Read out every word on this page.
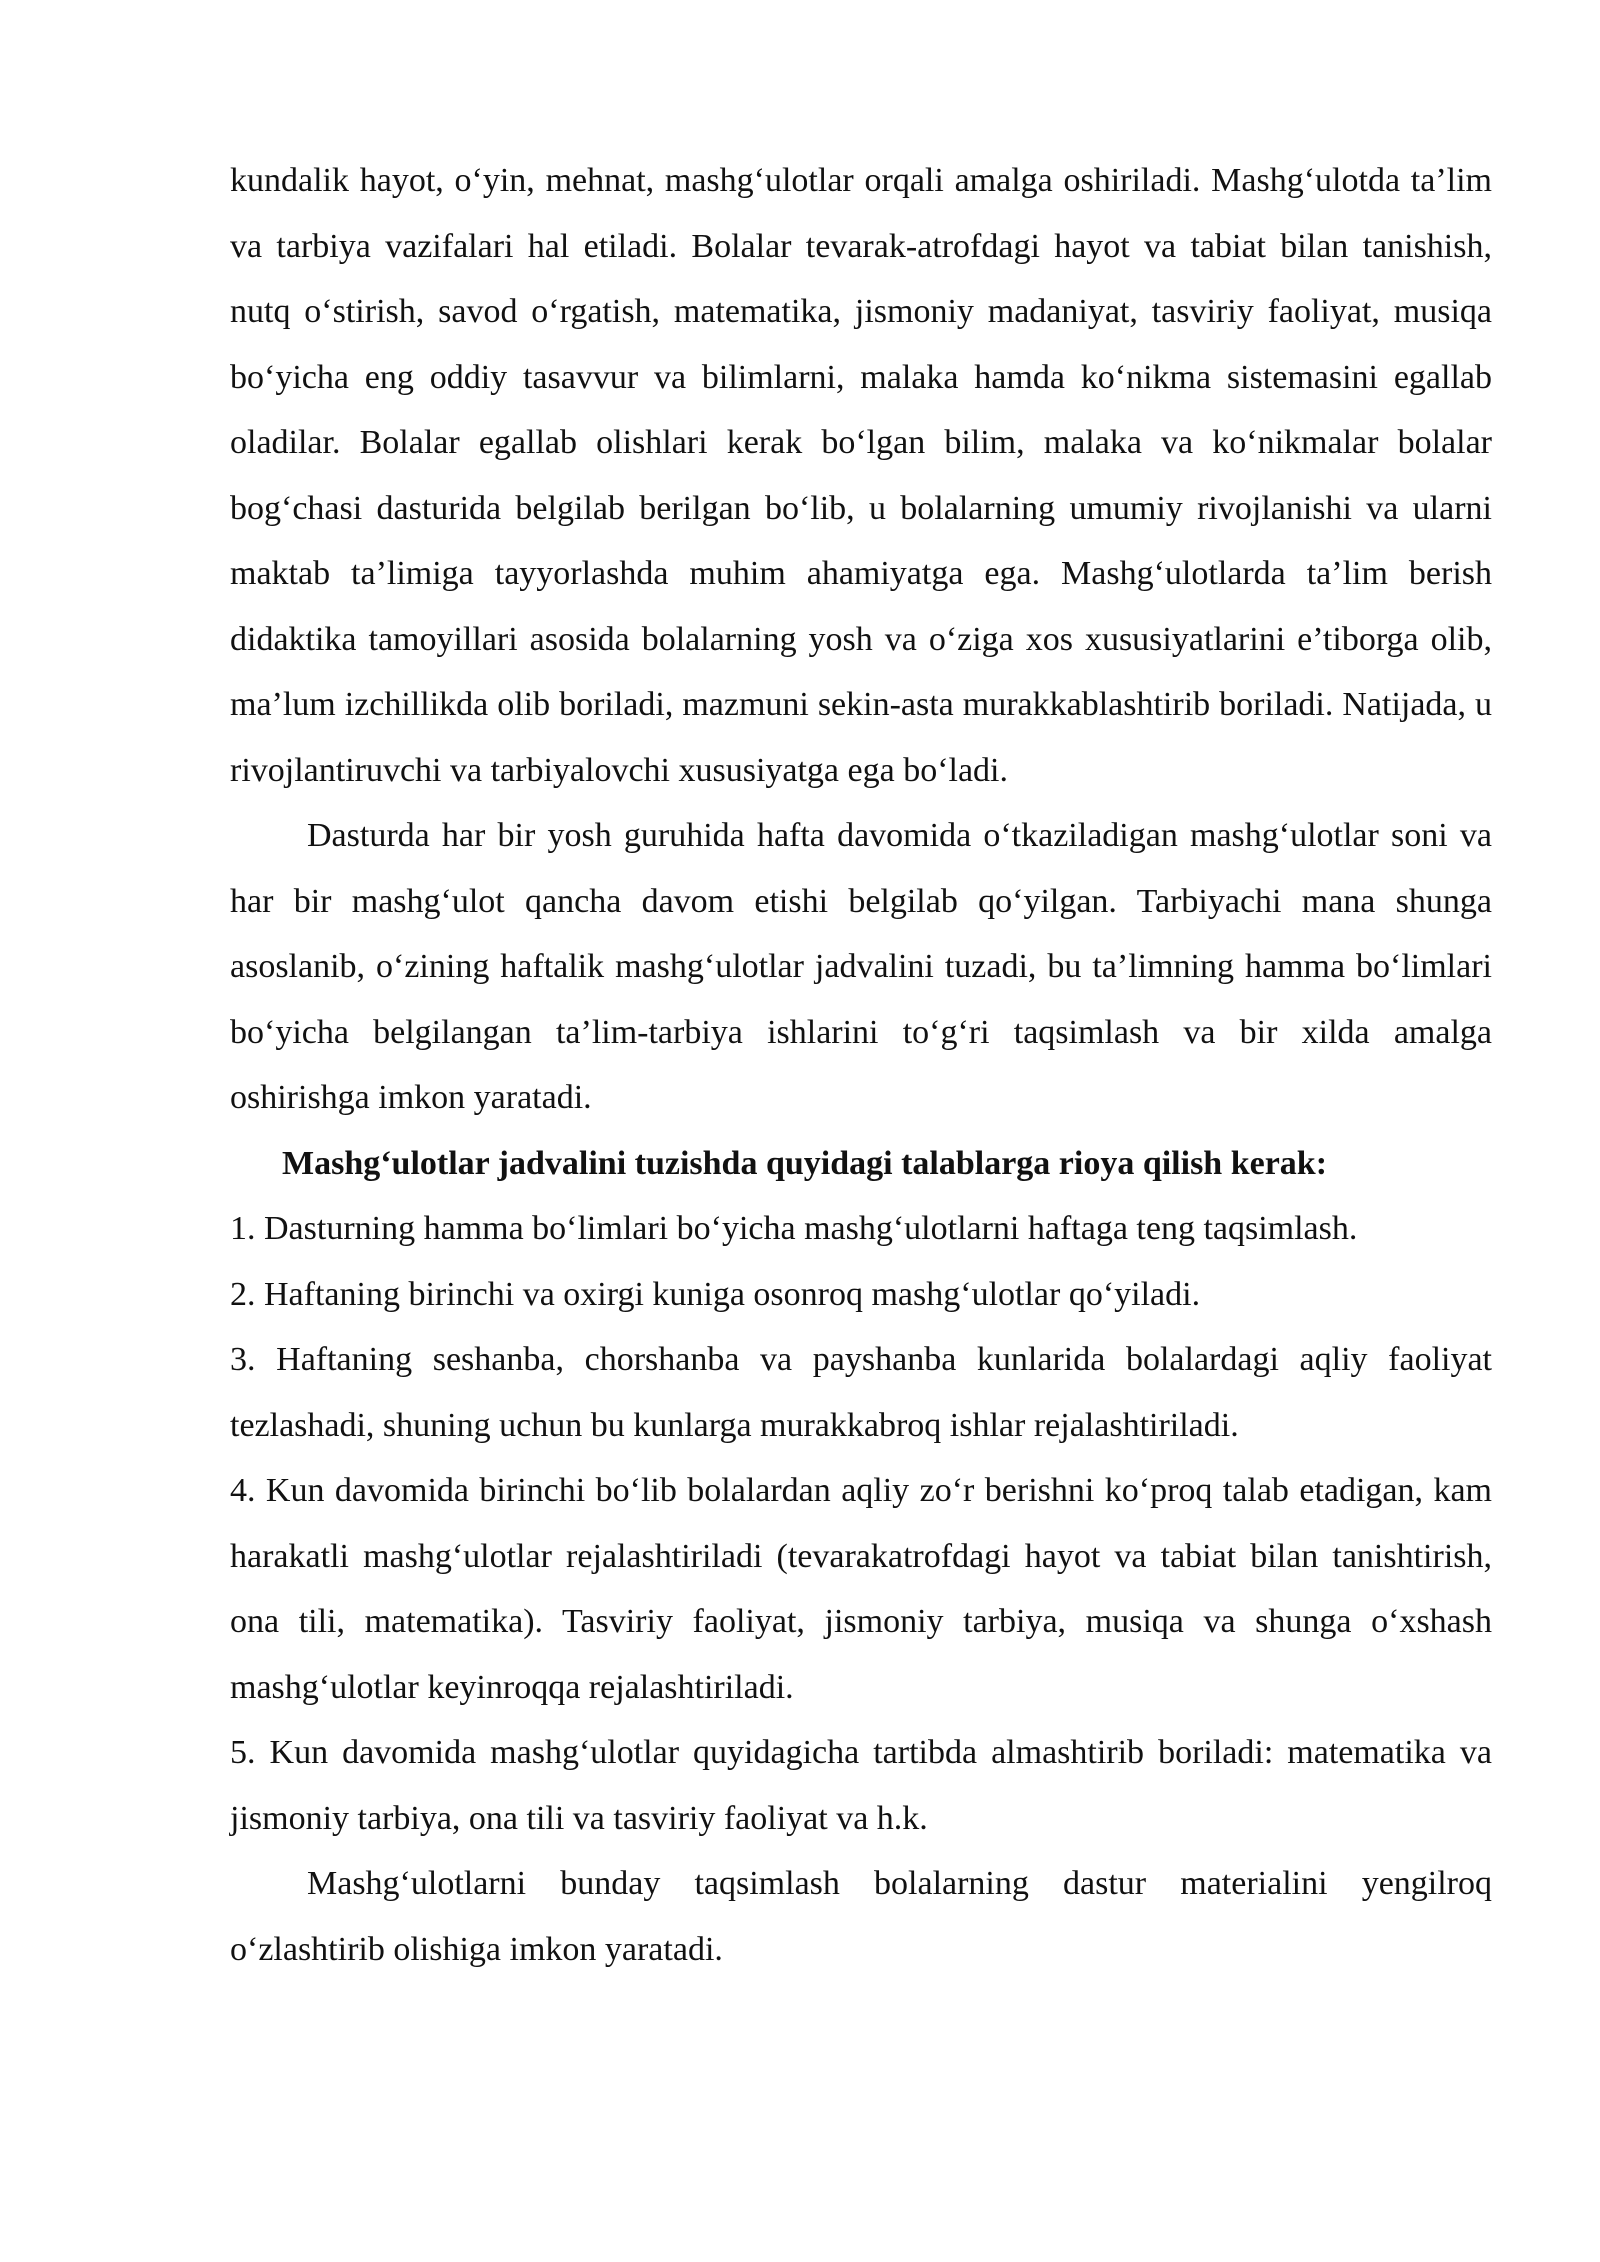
kundalik hayot, o‘yin, mehnat, mashg‘ulotlar orqali amalga oshiriladi. Mashg‘ulotda ta’lim va tarbiya vazifalari hal etiladi. Bolalar tevarak-atrofdagi hayot va tabiat bilan tanishish, nutq o‘stirish, savod o‘rgatish, matematika, jismoniy madaniyat, tasviriy faoliyat, musiqa bo‘yicha eng oddiy tasavvur va bilimlarni, malaka hamda ko‘nikma sistemasini egallab oladilar. Bolalar egallab olishlari kerak bo‘lgan bilim, malaka va ko‘nikmalar bolalar bog‘chasi dasturida belgilab berilgan bo‘lib, u bolalarning umumiy rivojlanishi va ularni maktab ta’limiga tayyorlashda muhim ahamiyatga ega. Mashg‘ulotlarda ta’lim berish didaktika tamoyillari asosida bolalarning yosh va o‘ziga xos xususiyatlarini e’tiborga olib, ma’lum izchillikda olib boriladi, mazmuni sekin-asta murakkablashtirib boriladi. Natijada, u rivojlantiruvchi va tarbiyalovchi xususiyatga ega bo‘ladi.

Dasturda har bir yosh guruhida hafta davomida o‘tkaziladigan mashg‘ulotlar soni va har bir mashg‘ulot qancha davom etishi belgilab qo‘yilgan. Tarbiyachi mana shunga asoslanib, o‘zining haftalik mashg‘ulotlar jadvalini tuzadi, bu ta’limning hamma bo‘limlari bo‘yicha belgilangan ta’lim-tarbiya ishlarini to‘g‘ri taqsimlash va bir xilda amalga oshirishga imkon yaratadi.

Mashg‘ulotlar jadvalini tuzishda quyidagi talablarga rioya qilish kerak:

1. Dasturning hamma bo‘limlari bo‘yicha mashg‘ulotlarni haftaga teng taqsimlash.

2. Haftaning birinchi va oxirgi kuniga osonroq mashg‘ulotlar qo‘yiladi.

3. Haftaning seshanba, chorshanba va payshanba kunlarida bolalardagi aqliy faoliyat tezlashadi, shuning uchun bu kunlarga murakkabroq ishlar rejalashtiriladi.

4. Kun davomida birinchi bo‘lib bolalardan aqliy zo‘r berishni ko‘proq talab etadigan, kam harakatli mashg‘ulotlar rejalashtiriladi (tevarakatrofdagi hayot va tabiat bilan tanishtirish, ona tili, matematika). Tasviriy faoliyat, jismoniy tarbiya, musiqa va shunga o‘xshash mashg‘ulotlar keyinroqqa rejalashtiriladi.

5. Kun davomida mashg‘ulotlar quyidagicha tartibda almashtirib boriladi: matematika va jismoniy tarbiya, ona tili va tasviriy faoliyat va h.k.

Mashg‘ulotlarni bunday taqsimlash bolalarning dastur materialini yengilroq o‘zlashtirib olishiga imkon yaratadi.
